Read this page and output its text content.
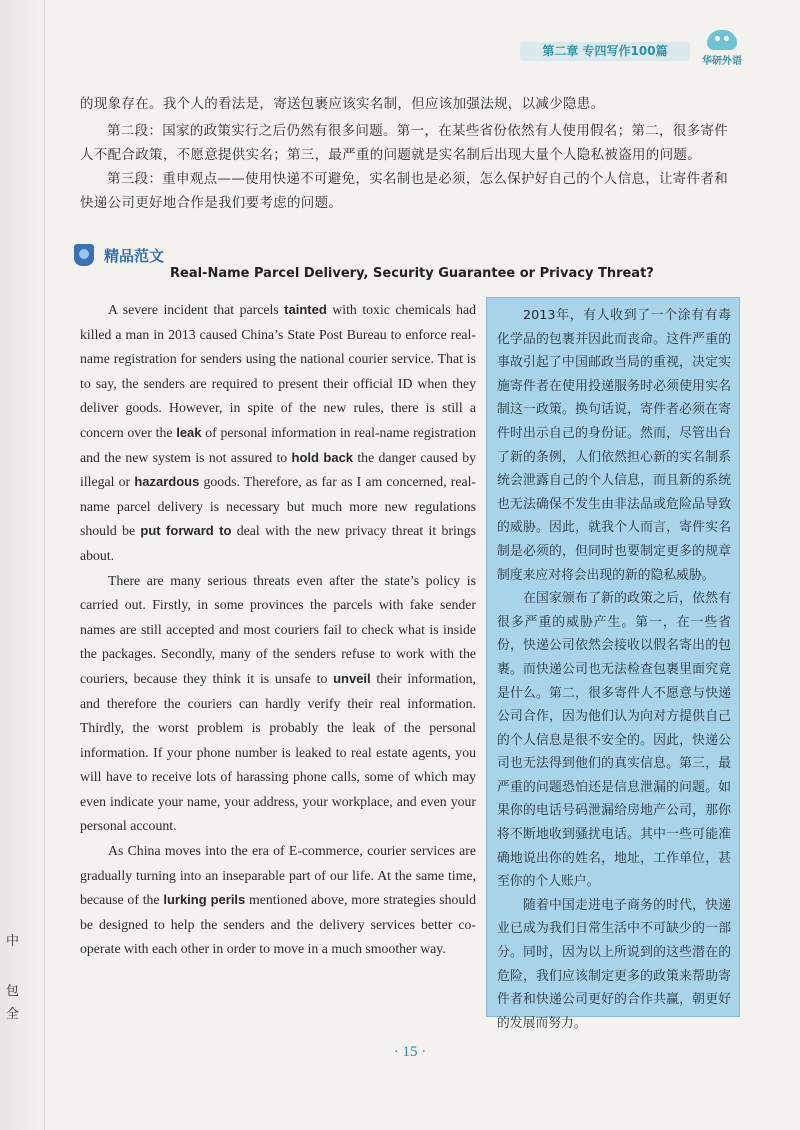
第二章 专四写作100篇
华研外语

的现象存在。我个人的看法是，寄送包裹应该实名制，但应该加强法规，以减少隐患。

第二段：国家的政策实行之后仍然有很多问题。第一，在某些省份依然有人使用假名；第二，很多寄件人不配合政策，不愿意提供实名；第三，最严重的问题就是实名制后出现大量个人隐私被盗用的问题。

第三段：重申观点——使用快递不可避免，实名制也是必须，怎么保护好自己的个人信息，让寄件者和快递公司更好地合作是我们要考虑的问题。

精品范文
Real-Name Parcel Delivery, Security Guarantee or Privacy Threat?

A severe incident that parcels tainted with toxic chemicals had killed a man in 2013 caused China’s State Post Bureau to enforce real-name registration for senders using the national courier service. That is to say, the senders are required to present their official ID when they deliver goods. However, in spite of the new rules, there is still a concern over the leak of personal information in real-name registration and the new system is not assured to hold back the danger caused by illegal or hazardous goods. Therefore, as far as I am concerned, real-name parcel delivery is necessary but much more new regulations should be put forward to deal with the new privacy threat it brings about.

There are many serious threats even after the state’s policy is carried out. Firstly, in some provinces the parcels with fake sender names are still accepted and most couriers fail to check what is inside the packages. Secondly, many of the senders refuse to work with the couriers, because they think it is unsafe to unveil their information, and therefore the couriers can hardly verify their real information. Thirdly, the worst problem is probably the leak of the personal information. If your phone number is leaked to real estate agents, you will have to receive lots of harassing phone calls, some of which may even indicate your name, your address, your workplace, and even your personal account.

As China moves into the era of E-commerce, courier services are gradually turning into an inseparable part of our life. At the same time, because of the lurking perils mentioned above, more strategies should be designed to help the senders and the delivery services better co-operate with each other in order to move in a much smoother way.

2013年，有人收到了一个涂有有毒化学品的包裹并因此而丧命。这件严重的事故引起了中国邮政当局的重视，决定实施寄件者在使用投递服务时必须使用实名制这一政策。换句话说，寄件者必须在寄件时出示自己的身份证。然而，尽管出台了新的条例，人们依然担心新的实名制系统会泄露自己的个人信息，而且新的系统也无法确保不发生由非法品或危险品导致的威胁。因此，就我个人而言，寄件实名制是必须的，但同时也要制定更多的规章制度来应对将会出现的新的隐私威胁。

在国家颁布了新的政策之后，依然有很多严重的威胁产生。第一，在一些省份，快递公司依然会接收以假名寄出的包裹。而快递公司也无法检查包裹里面究竟是什么。第二，很多寄件人不愿意与快递公司合作，因为他们认为向对方提供自己的个人信息是很不安全的。因此，快递公司也无法得到他们的真实信息。第三，最严重的问题恐怕还是信息泄漏的问题。如果你的电话号码泄漏给房地产公司，那你将不断地收到骚扰电话。其中一些可能准确地说出你的姓名，地址，工作单位，甚至你的个人账户。

随着中国走进电子商务的时代，快递业已成为我们日常生活中不可缺少的一部分。同时，因为以上所说到的这些潜在的危险，我们应该制定更多的政策来帮助寄件者和快递公司更好的合作共赢，朝更好的发展而努力。

· 15 ·
中
包
全
